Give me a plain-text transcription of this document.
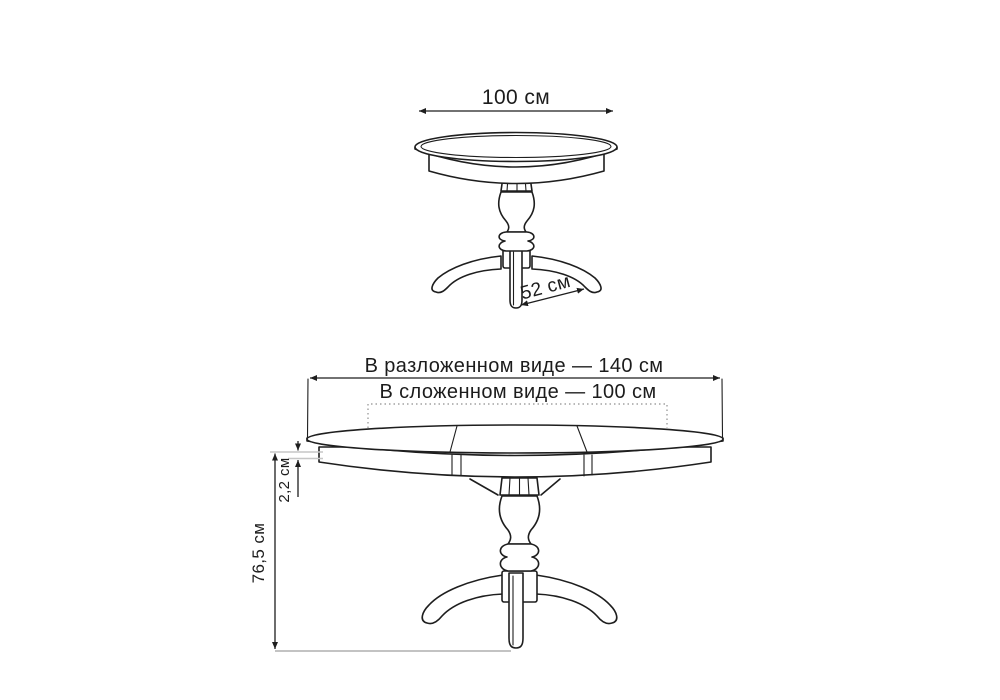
100 см
52 см
В разложенном виде — 140 см
В сложенном виде — 100 см
2,2 см
76,5 см
